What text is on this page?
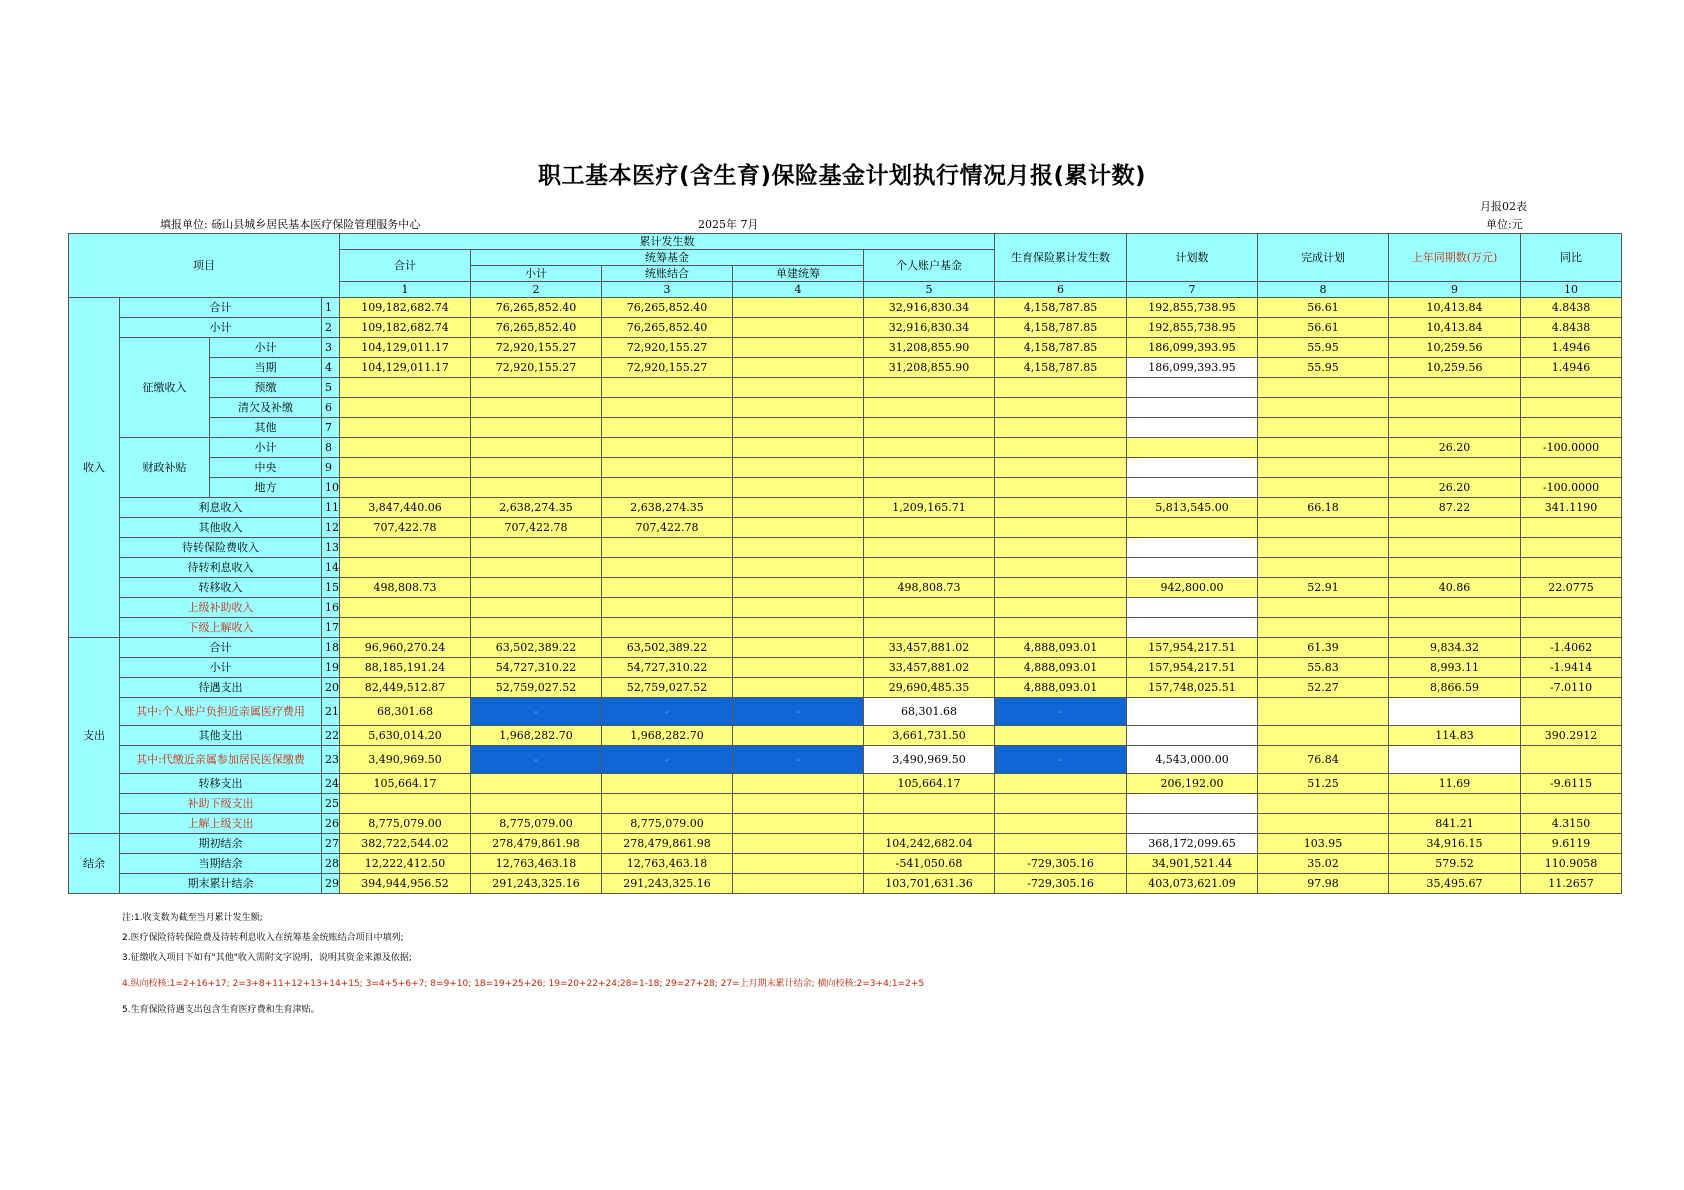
职工基本医疗(含生育)保险基金计划执行情况月报(累计数)
月报02表
填报单位: 砀山县城乡居民基本医疗保险管理服务中心	2025年 7月	单位:元
项目				累计发生数					生育保险累计发生数	计划数	完成计划	上年同期数(万元)	同比
				合计	统筹基金			个人账户基金					
					小计	统账结合	单建统筹						
				1	2	3	4	5	6	7	8	9	10
收入	合计		1	109,182,682.74	76,265,852.40	76,265,852.40		32,916,830.34	4,158,787.85	192,855,738.95	56.61	10,413.84	4.8438
	小计		2	109,182,682.74	76,265,852.40	76,265,852.40		32,916,830.34	4,158,787.85	192,855,738.95	56.61	10,413.84	4.8438
	征缴收入	小计	3	104,129,011.17	72,920,155.27	72,920,155.27		31,208,855.90	4,158,787.85	186,099,393.95	55.95	10,259.56	1.4946
		当期	4	104,129,011.17	72,920,155.27	72,920,155.27		31,208,855.90	4,158,787.85	186,099,393.95	55.95	10,259.56	1.4946
		预缴	5										
		清欠及补缴	6										
		其他	7										
	财政补贴	小计	8									26.20	-100.0000
		中央	9										
		地方	10									26.20	-100.0000
	利息收入		11	3,847,440.06	2,638,274.35	2,638,274.35		1,209,165.71		5,813,545.00	66.18	87.22	341.1190
	其他收入		12	707,422.78	707,422.78	707,422.78							
	待转保险费收入		13										
	待转利息收入		14										
	转移收入		15	498,808.73				498,808.73		942,800.00	52.91	40.86	22.0775
	上级补助收入		16										
	下级上解收入		17										
支出	合计		18	96,960,270.24	63,502,389.22	63,502,389.22		33,457,881.02	4,888,093.01	157,954,217.51	61.39	9,834.32	-1.4062
	小计		19	88,185,191.24	54,727,310.22	54,727,310.22		33,457,881.02	4,888,093.01	157,954,217.51	55.83	8,993.11	-1.9414
	待遇支出		20	82,449,512.87	52,759,027.52	52,759,027.52		29,690,485.35	4,888,093.01	157,748,025.51	52.27	8,866.59	-7.0110
	其中:个人账户负担近亲属医疗费用		21	68,301.68	-	-	-	68,301.68	-				
	其他支出		22	5,630,014.20	1,968,282.70	1,968,282.70		3,661,731.50				114.83	390.2912
	其中:代缴近亲属参加居民医保缴费		23	3,490,969.50	-	-	-	3,490,969.50	-	4,543,000.00	76.84		
	转移支出		24	105,664.17				105,664.17		206,192.00	51.25	11.69	-9.6115
	补助下级支出		25										
	上解上级支出		26	8,775,079.00	8,775,079.00	8,775,079.00						841.21	4.3150
结余	期初结余		27	382,722,544.02	278,479,861.98	278,479,861.98		104,242,682.04		368,172,099.65	103.95	34,916.15	9.6119
	当期结余		28	12,222,412.50	12,763,463.18	12,763,463.18		-541,050.68	-729,305.16	34,901,521.44	35.02	579.52	110.9058
	期末累计结余		29	394,944,956.52	291,243,325.16	291,243,325.16		103,701,631.36	-729,305.16	403,073,621.09	97.98	35,495.67	11.2657
注:1.收支数为截至当月累计发生额;
2.医疗保险待转保险费及待转利息收入在统筹基金统账结合项目中填列;
3.征缴收入项目下如有"其他"收入需附文字说明，说明其资金来源及依据;
4.纵向校核:1=2+16+17; 2=3+8+11+12+13+14+15; 3=4+5+6+7; 8=9+10; 18=19+25+26; 19=20+22+24;28=1-18; 29=27+28; 27=上月期末累计结余; 横向校核:2=3+4;1=2+5
5.生育保险待遇支出包含生育医疗费和生育津贴。
